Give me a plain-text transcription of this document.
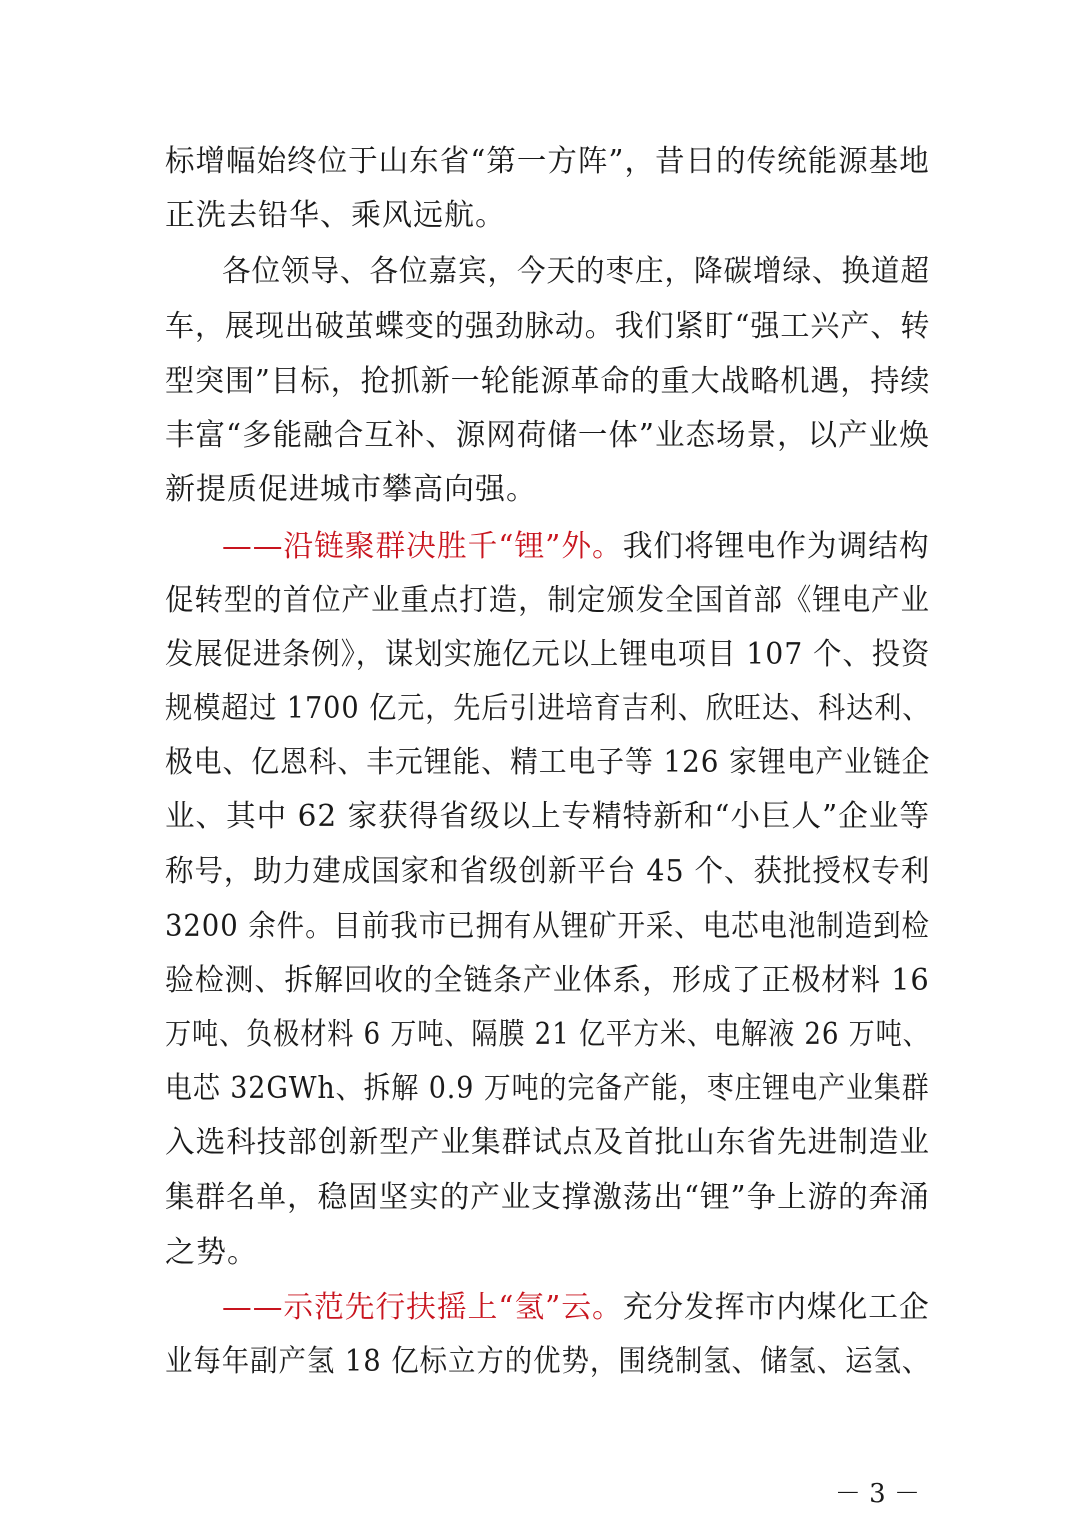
标增幅始终位于山东省“第一方阵”，昔日的传统能源基地
正洗去铅华、乘风远航。
各位领导、各位嘉宾，今天的枣庄，降碳增绿、换道超
车，展现出破茧蝶变的强劲脉动。我们紧盯“强工兴产、转
型突围”目标，抢抓新一轮能源革命的重大战略机遇，持续
丰富“多能融合互补、源网荷储一体”业态场景，以产业焕
新提质促进城市攀高向强。
——沿链聚群决胜千“锂”外。我们将锂电作为调结构
促转型的首位产业重点打造，制定颁发全国首部《锂电产业
发展促进条例》，谋划实施亿元以上锂电项目 107 个、投资
规模超过 1700 亿元，先后引进培育吉利、欣旺达、科达利、
极电、亿恩科、丰元锂能、精工电子等 126 家锂电产业链企
业、其中 62 家获得省级以上专精特新和“小巨人”企业等
称号，助力建成国家和省级创新平台 45 个、获批授权专利
3200 余件。目前我市已拥有从锂矿开采、电芯电池制造到检
验检测、拆解回收的全链条产业体系，形成了正极材料 16
万吨、负极材料 6 万吨、隔膜 21 亿平方米、电解液 26 万吨、
电芯 32GWh、拆解 0.9 万吨的完备产能，枣庄锂电产业集群
入选科技部创新型产业集群试点及首批山东省先进制造业
集群名单，稳固坚实的产业支撑激荡出“锂”争上游的奔涌
之势。
——示范先行扶摇上“氢”云。充分发挥市内煤化工企
业每年副产氢 18 亿标立方的优势，围绕制氢、储氢、运氢、
－ 3 －
